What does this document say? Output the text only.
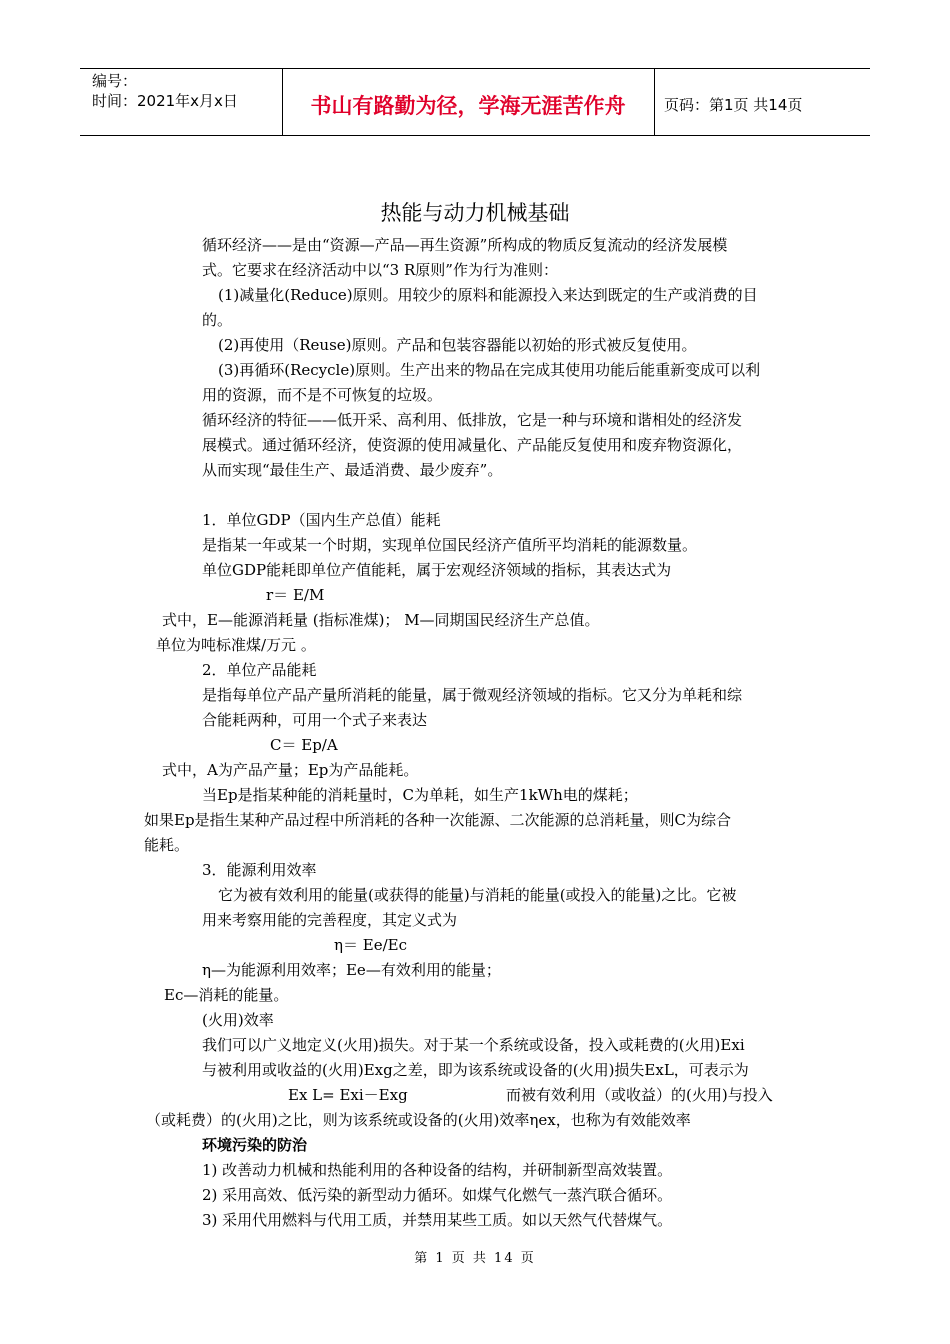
编号：
时间：2021年x月x日	书山有路勤为径，学海无涯苦作舟	页码：第1页 共14页
热能与动力机械基础
循环经济——是由“资源—产品—再生资源”所构成的物质反复流动的经济发展模
式。它要求在经济活动中以“3 R原则”作为行为准则：
(1)减量化(Reduce)原则。用较少的原料和能源投入来达到既定的生产或消费的目
的。
(2)再使用（Reuse)原则。产品和包装容器能以初始的形式被反复使用。
(3)再循环(Recycle)原则。生产出来的物品在完成其使用功能后能重新变成可以利
用的资源，而不是不可恢复的垃圾。
循环经济的特征——低开采、高利用、低排放，它是一种与环境和谐相处的经济发
展模式。通过循环经济，使资源的使用减量化、产品能反复使用和废弃物资源化，
从而实现“最佳生产、最适消费、最少废弃”。
1．单位GDP（国内生产总值）能耗
是指某一年或某一个时期，实现单位国民经济产值所平均消耗的能源数量。
单位GDP能耗即单位产值能耗，属于宏观经济领域的指标，其表达式为
r＝ E/M
式中，E—能源消耗量 (指标准煤)； M—同期国民经济生产总值。
单位为吨标准煤/万元 。
2．单位产品能耗
是指每单位产品产量所消耗的能量，属于微观经济领域的指标。它又分为单耗和综
合能耗两种，可用一个式子来表达
C＝ Ep/A
式中，A为产品产量；Ep为产品能耗。
当Ep是指某种能的消耗量时，C为单耗，如生产1kWh电的煤耗；
如果Ep是指生某种产品过程中所消耗的各种一次能源、二次能源的总消耗量，则C为综合
能耗。
3．能源利用效率
它为被有效利用的能量(或获得的能量)与消耗的能量(或投入的能量)之比。它被
用来考察用能的完善程度，其定义式为
η＝ Ee/Ec
η—为能源利用效率；Ee—有效利用的能量；
Ec—消耗的能量。
(火用)效率
我们可以广义地定义(火用)损失。对于某一个系统或设备，投入或耗费的(火用)Exi
与被利用或收益的(火用)Exg之差，即为该系统或设备的(火用)损失ExL，可表示为
Ex L= Exi－Exg	而被有效利用（或收益）的(火用)与投入
（或耗费）的(火用)之比，则为该系统或设备的(火用)效率ηex，也称为有效能效率
环境污染的防治
1) 改善动力机械和热能利用的各种设备的结构，并研制新型高效装置。
2) 采用高效、低污染的新型动力循环。如煤气化燃气一蒸汽联合循环。
3) 采用代用燃料与代用工质，并禁用某些工质。如以天然气代替煤气。
第 1 页 共 14 页
